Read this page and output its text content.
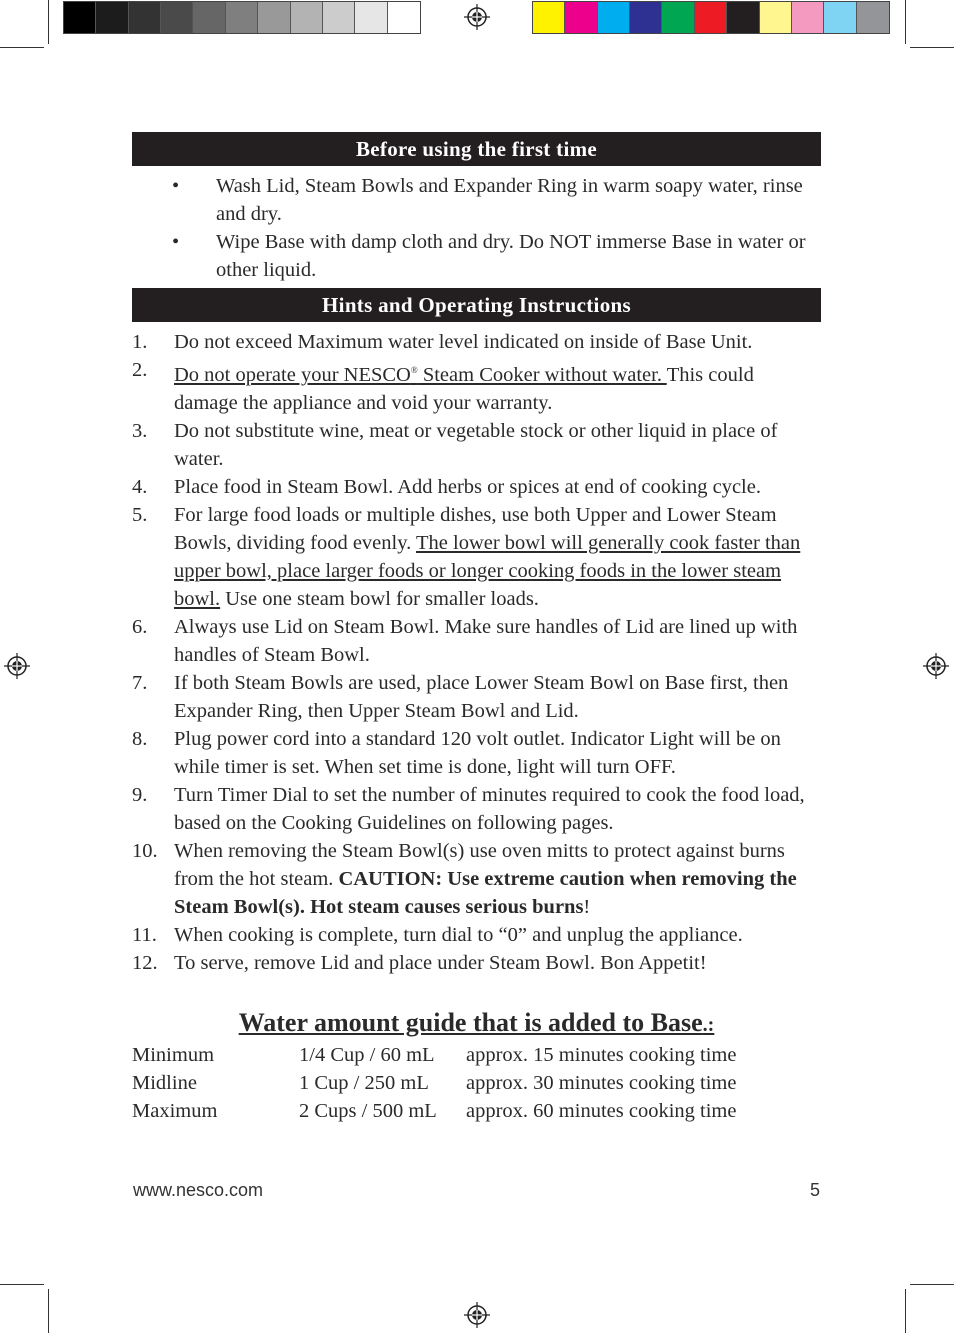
Before using the first time
• Wash Lid, Steam Bowls and Expander Ring in warm soapy water, rinse and dry.
• Wipe Base with damp cloth and dry. Do NOT immerse Base in water or other liquid.
Hints and Operating Instructions
1. Do not exceed Maximum water level indicated on inside of Base Unit.
2. Do not operate your NESCO® Steam Cooker without water. This could damage the appliance and void your warranty.
3. Do not substitute wine, meat or vegetable stock or other liquid in place of water.
4. Place food in Steam Bowl. Add herbs or spices at end of cooking cycle.
5. For large food loads or multiple dishes, use both Upper and Lower Steam Bowls, dividing food evenly. The lower bowl will generally cook faster than upper bowl, place larger foods or longer cooking foods in the lower steam bowl. Use one steam bowl for smaller loads.
6. Always use Lid on Steam Bowl. Make sure handles of Lid are lined up with handles of Steam Bowl.
7. If both Steam Bowls are used, place Lower Steam Bowl on Base first, then Expander Ring, then Upper Steam Bowl and Lid.
8. Plug power cord into a standard 120 volt outlet. Indicator Light will be on while timer is set. When set time is done, light will turn OFF.
9. Turn Timer Dial to set the number of minutes required to cook the food load, based on the Cooking Guidelines on following pages.
10. When removing the Steam Bowl(s) use oven mitts to protect against burns from the hot steam. CAUTION: Use extreme caution when removing the Steam Bowl(s). Hot steam causes serious burns!
11. When cooking is complete, turn dial to “0” and unplug the appliance.
12. To serve, remove Lid and place under Steam Bowl. Bon Appetit!
Water amount guide that is added to Base.:
Minimum	1/4 Cup / 60 mL	approx. 15 minutes cooking time
Midline	1 Cup / 250 mL	approx. 30 minutes cooking time
Maximum	2 Cups / 500 mL	approx. 60 minutes cooking time
www.nesco.com	5
